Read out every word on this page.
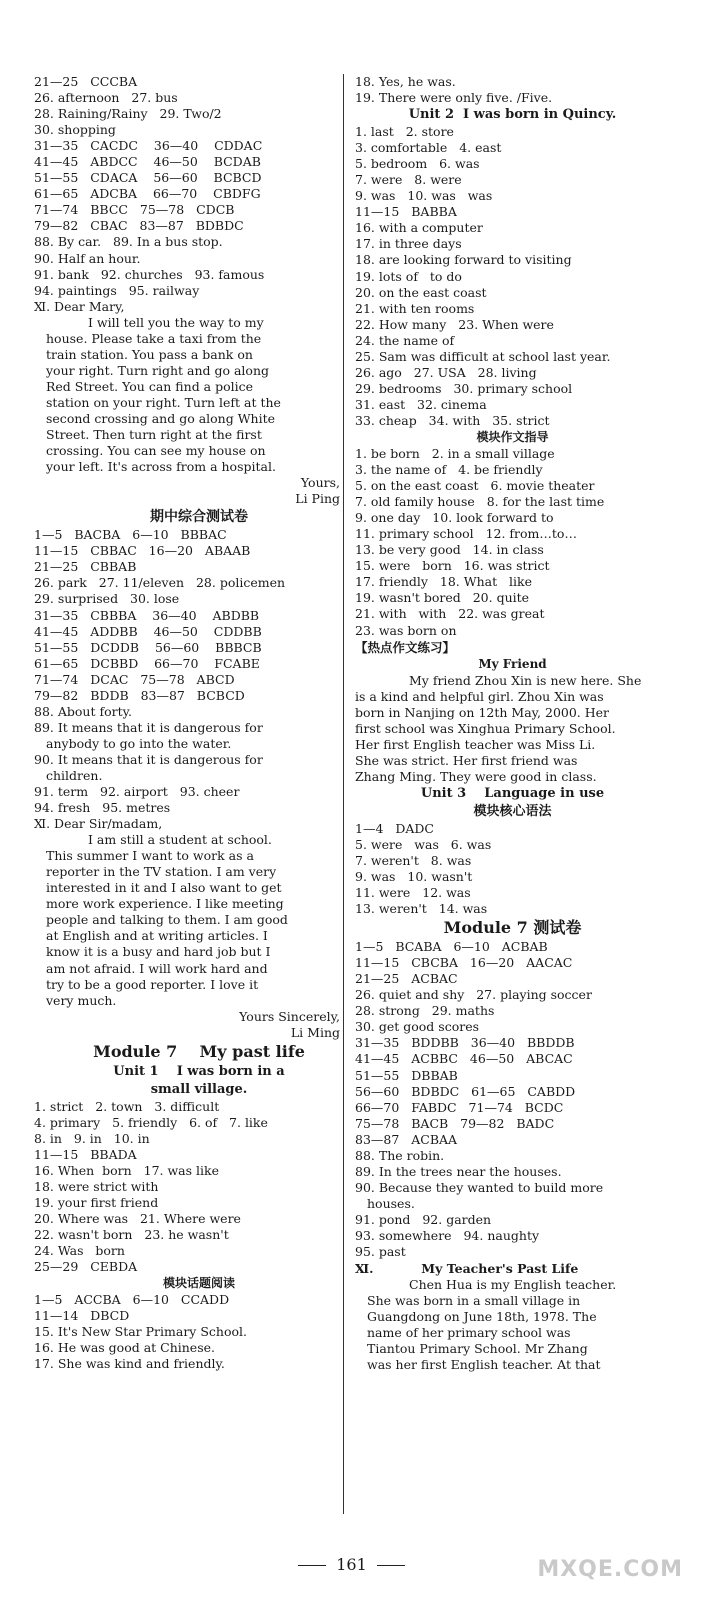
21—25   CCCBA
26. afternoon   27. bus
28. Raining/Rainy   29. Two/2
30. shopping
31—35   CACDC    36—40    CDDAC
41—45   ABDCC    46—50    BCDAB
51—55   CDACA    56—60    BCBCD
61—65   ADCBA    66—70    CBDFG
71—74   BBCC   75—78   CDCB
79—82   CBAC   83—87   BDBDC
88. By car.   89. In a bus stop.
90. Half an hour.
91. bank   92. churches   93. famous
94. paintings   95. railway
Ⅺ. Dear Mary,
I will tell you the way to my
house. Please take a taxi from the
train station. You pass a bank on
your right. Turn right and go along
Red Street. You can find a police
station on your right. Turn left at the
second crossing and go along White
Street. Then turn right at the first
crossing. You can see my house on
your left. It's across from a hospital.
Yours,
Li Ping
期中综合测试卷
1—5   BACBA   6—10   BBBAC
11—15   CBBAC   16—20   ABAAB
21—25   CBBAB
26. park   27. 11/eleven   28. policemen
29. surprised   30. lose
31—35   CBBBA    36—40    ABDBB
41—45   ADDBB    46—50    CDDBB
51—55   DCDDB    56—60    BBBCB
61—65   DCBBD    66—70    FCABE
71—74   DCAC   75—78   ABCD
79—82   BDDB   83—87   BCBCD
88. About forty.
89. It means that it is dangerous for
anybody to go into the water.
90. It means that it is dangerous for
children.
91. term   92. airport   93. cheer
94. fresh   95. metres
Ⅺ. Dear Sir/madam,
I am still a student at school.
This summer I want to work as a
reporter in the TV station. I am very
interested in it and I also want to get
more work experience. I like meeting
people and talking to them. I am good
at English and at writing articles. I
know it is a busy and hard job but I
am not afraid. I will work hard and
try to be a good reporter. I love it
very much.
Yours Sincerely,
Li Ming
Module 7    My past life
Unit 1    I was born in a
small village.
1. strict   2. town   3. difficult
4. primary   5. friendly   6. of   7. like
8. in   9. in   10. in
11—15   BBADA
16. When  born   17. was like
18. were strict with
19. your first friend
20. Where was   21. Where were
22. wasn't born   23. he wasn't
24. Was   born
25—29   CEBDA
模块话题阅读
1—5   ACCBA   6—10   CCADD
11—14   DBCD
15. It's New Star Primary School.
16. He was good at Chinese.
17. She was kind and friendly.
18. Yes, he was.
19. There were only five. /Five.
Unit 2  I was born in Quincy.
1. last   2. store
3. comfortable   4. east
5. bedroom   6. was
7. were   8. were
9. was   10. was   was
11—15   BABBA
16. with a computer
17. in three days
18. are looking forward to visiting
19. lots of   to do
20. on the east coast
21. with ten rooms
22. How many   23. When were
24. the name of
25. Sam was difficult at school last year.
26. ago   27. USA   28. living
29. bedrooms   30. primary school
31. east   32. cinema
33. cheap   34. with   35. strict
模块作文指导
1. be born   2. in a small village
3. the name of   4. be friendly
5. on the east coast   6. movie theater
7. old family house   8. for the last time
9. one day   10. look forward to
11. primary school   12. from…to…
13. be very good   14. in class
15. were   born   16. was strict
17. friendly   18. What   like
19. wasn't bored   20. quite
21. with   with   22. was great
23. was born on
【热点作文练习】
My Friend
My friend Zhou Xin is new here. She
is a kind and helpful girl. Zhou Xin was
born in Nanjing on 12th May, 2000. Her
first school was Xinghua Primary School.
Her first English teacher was Miss Li.
She was strict. Her first friend was
Zhang Ming. They were good in class.
Unit 3    Language in use
模块核心语法
1—4   DADC
5. were   was   6. was
7. weren't   8. was
9. was   10. wasn't
11. were   12. was
13. weren't   14. was
Module 7 测试卷
1—5   BCABA   6—10   ACBAB
11—15   CBCBA   16—20   AACAC
21—25   ACBAC
26. quiet and shy   27. playing soccer
28. strong   29. maths
30. get good scores
31—35   BDDBB   36—40   BBDDB
41—45   ACBBC   46—50   ABCAC
51—55   DBBAB
56—60   BDBDC   61—65   CABDD
66—70   FABDC   71—74   BCDC
75—78   BACB   79—82   BADC
83—87   ACBAA
88. The robin.
89. In the trees near the houses.
90. Because they wanted to build more
houses.
91. pond   92. garden
93. somewhere   94. naughty
95. past
Ⅺ.           My Teacher's Past Life
Chen Hua is my English teacher.
She was born in a small village in
Guangdong on June 18th, 1978. The
name of her primary school was
Tiantou Primary School. Mr Zhang
was her first English teacher. At that
161	MXQE.COM
